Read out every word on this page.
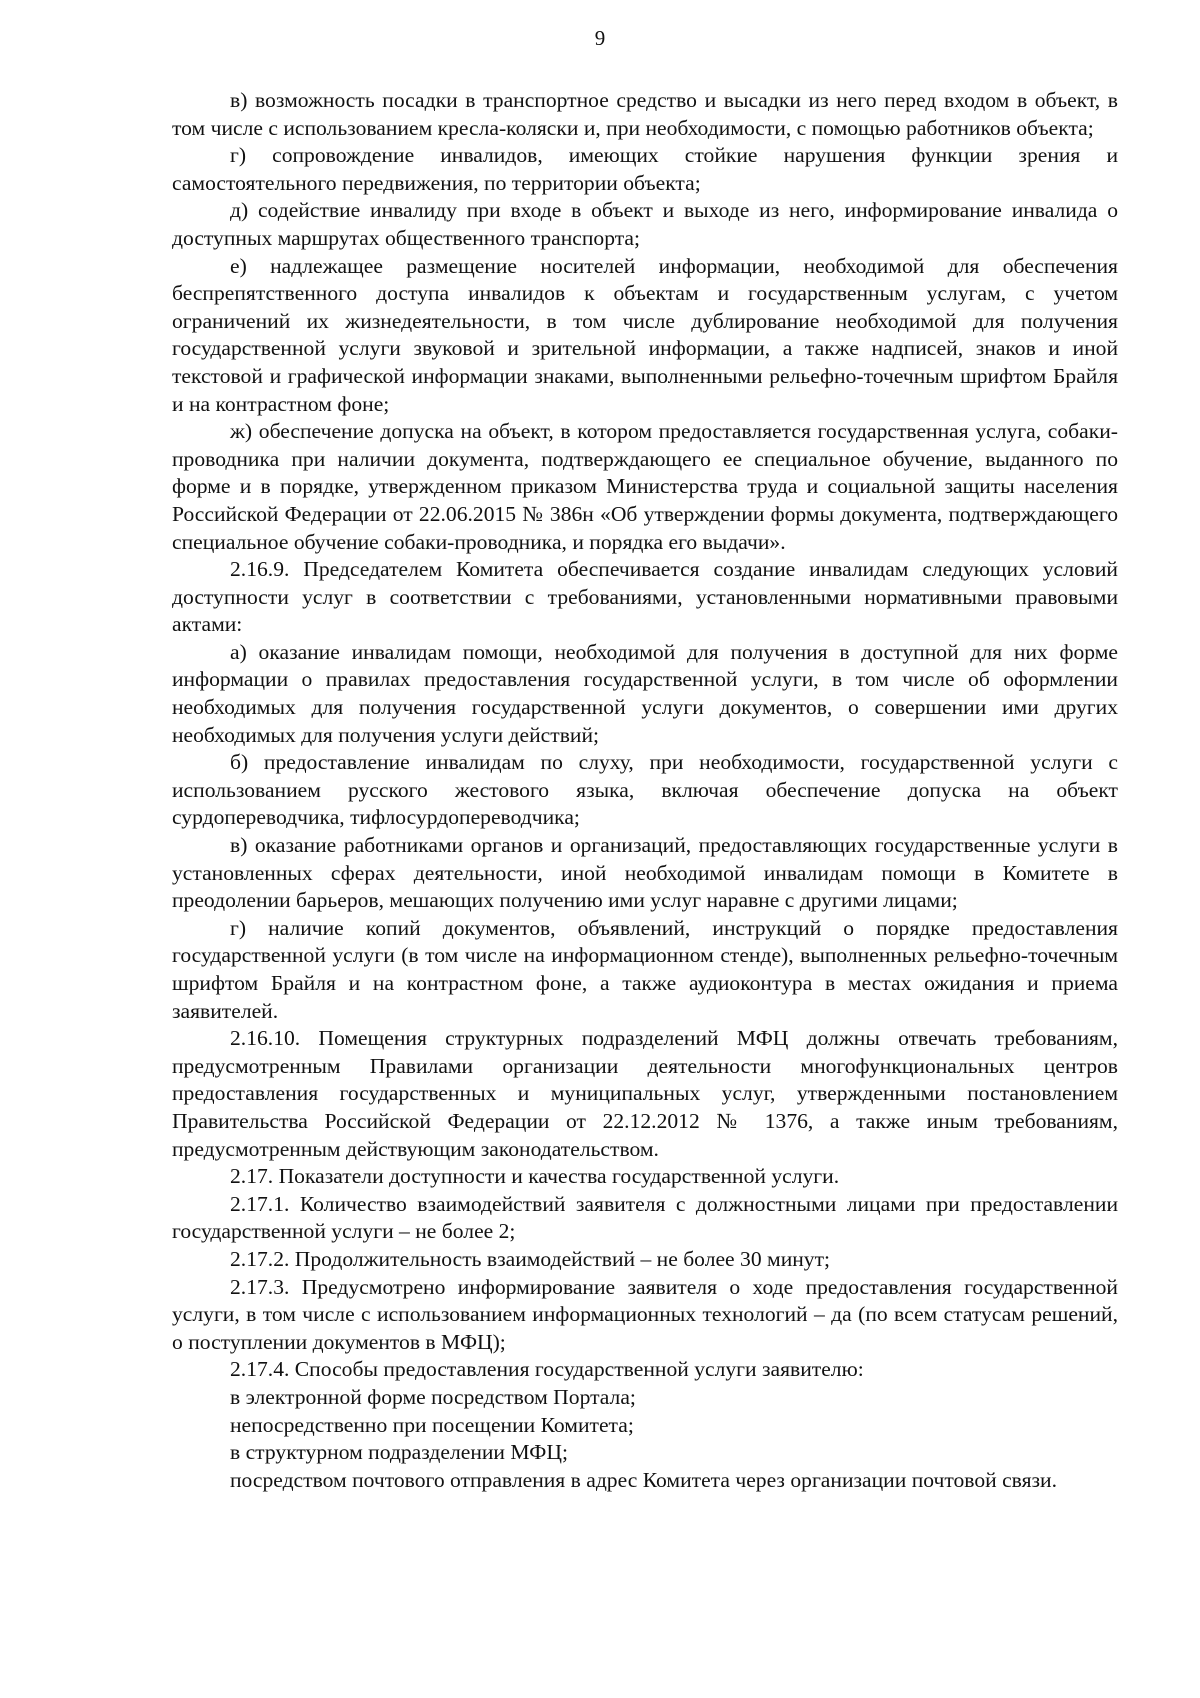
9

в) возможность посадки в транспортное средство и высадки из него перед входом в объект, в том числе с использованием кресла-коляски и, при необходимости, с помощью работников объекта;

г) сопровождение инвалидов, имеющих стойкие нарушения функции зрения и самостоятельного передвижения, по территории объекта;

д) содействие инвалиду при входе в объект и выходе из него, информирование инвалида о доступных маршрутах общественного транспорта;

е) надлежащее размещение носителей информации, необходимой для обеспечения беспрепятственного доступа инвалидов к объектам и государственным услугам, с учетом ограничений их жизнедеятельности, в том числе дублирование необходимой для получения государственной услуги звуковой и зрительной информации, а также надписей, знаков и иной текстовой и графической информации знаками, выполненными рельефно-точечным шрифтом Брайля и на контрастном фоне;

ж) обеспечение допуска на объект, в котором предоставляется государственная услуга, собаки-проводника при наличии документа, подтверждающего ее специальное обучение, выданного по форме и в порядке, утвержденном приказом Министерства труда и социальной защиты населения Российской Федерации от 22.06.2015 № 386н «Об утверждении формы документа, подтверждающего специальное обучение собаки-проводника, и порядка его выдачи».

2.16.9. Председателем Комитета обеспечивается создание инвалидам следующих условий доступности услуг в соответствии с требованиями, установленными нормативными правовыми актами:

а) оказание инвалидам помощи, необходимой для получения в доступной для них форме информации о правилах предоставления государственной услуги, в том числе об оформлении необходимых для получения государственной услуги документов, о совершении ими других необходимых для получения услуги действий;

б) предоставление инвалидам по слуху, при необходимости, государственной услуги с использованием русского жестового языка, включая обеспечение допуска на объект сурдопереводчика, тифлосурдопереводчика;

в) оказание работниками органов и организаций, предоставляющих государственные услуги в установленных сферах деятельности, иной необходимой инвалидам помощи в Комитете в преодолении барьеров, мешающих получению ими услуг наравне с другими лицами;

г) наличие копий документов, объявлений, инструкций о порядке предоставления государственной услуги (в том числе на информационном стенде), выполненных рельефно-точечным шрифтом Брайля и на контрастном фоне, а также аудиоконтура в местах ожидания и приема заявителей.

2.16.10. Помещения структурных подразделений МФЦ должны отвечать требованиям, предусмотренным Правилами организации деятельности многофункциональных центров предоставления государственных и муниципальных услуг, утвержденными постановлением Правительства Российской Федерации от 22.12.2012 № 1376, а также иным требованиям, предусмотренным действующим законодательством.

2.17. Показатели доступности и качества государственной услуги.

2.17.1. Количество взаимодействий заявителя с должностными лицами при предоставлении государственной услуги – не более 2;

2.17.2. Продолжительность взаимодействий – не более 30 минут;

2.17.3. Предусмотрено информирование заявителя о ходе предоставления государственной услуги, в том числе с использованием информационных технологий – да (по всем статусам решений, о поступлении документов в МФЦ);

2.17.4. Способы предоставления государственной услуги заявителю:

в электронной форме посредством Портала;

непосредственно при посещении Комитета;

в структурном подразделении МФЦ;

посредством почтового отправления в адрес Комитета через организации почтовой связи.
